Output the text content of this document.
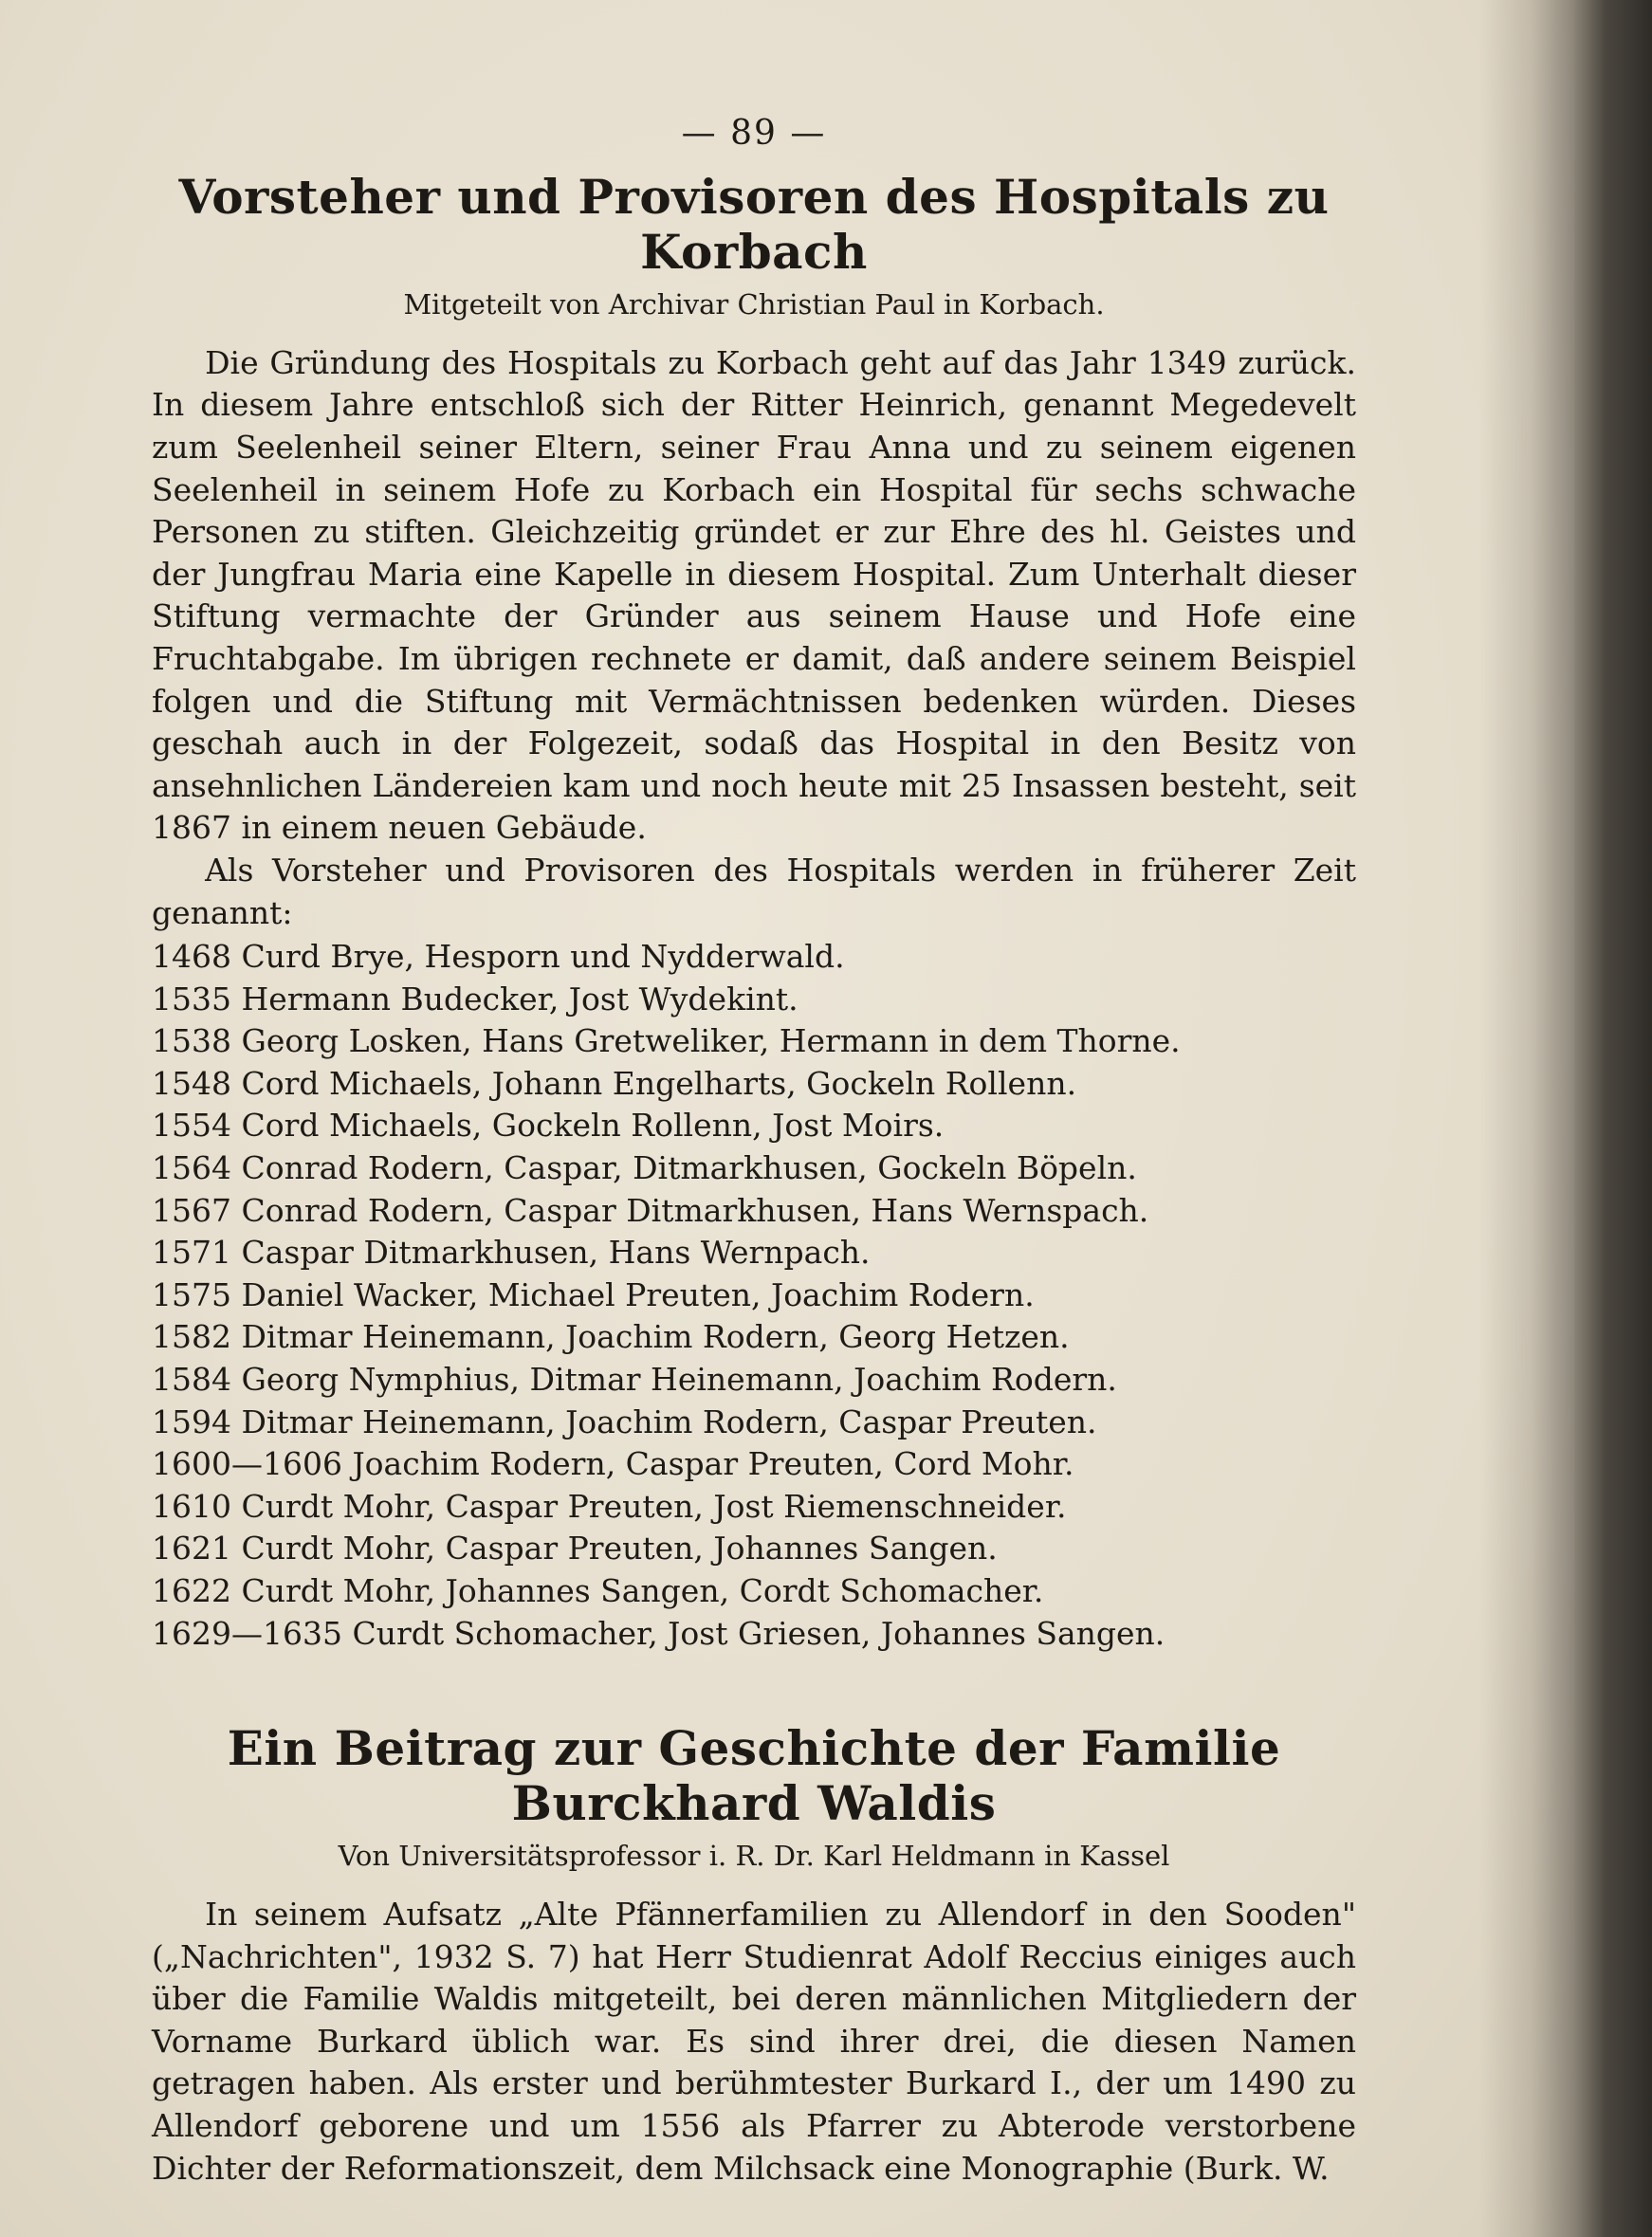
— 89 —
Vorsteher und Provisoren des Hospitals zu Korbach
Mitgeteilt von Archivar Christian Paul in Korbach.

Die Gründung des Hospitals zu Korbach geht auf das Jahr 1349 zurück. In diesem Jahre entschloß sich der Ritter Heinrich, genannt Megedevelt zum Seelenheil seiner Eltern, seiner Frau Anna und zu seinem eigenen Seelenheil in seinem Hofe zu Korbach ein Hospital für sechs schwache Personen zu stiften. Gleichzeitig gründet er zur Ehre des hl. Geistes und der Jungfrau Maria eine Kapelle in diesem Hospital. Zum Unterhalt dieser Stiftung vermachte der Gründer aus seinem Hause und Hofe eine Fruchtabgabe. Im übrigen rechnete er damit, daß andere seinem Beispiel folgen und die Stiftung mit Vermächtnissen bedenken würden. Dieses geschah auch in der Folgezeit, sodaß das Hospital in den Besitz von ansehnlichen Ländereien kam und noch heute mit 25 Insassen besteht, seit 1867 in einem neuen Gebäude.

Als Vorsteher und Provisoren des Hospitals werden in früherer Zeit genannt:

1468 Curd Brye, Hesporn und Nydderwald.
1535 Hermann Budecker, Jost Wydekint.
1538 Georg Losken, Hans Gretweliker, Hermann in dem Thorne.
1548 Cord Michaels, Johann Engelharts, Gockeln Rollenn.
1554 Cord Michaels, Gockeln Rollenn, Jost Moirs.
1564 Conrad Rodern, Caspar, Ditmarkhusen, Gockeln Böpeln.
1567 Conrad Rodern, Caspar Ditmarkhusen, Hans Wernspach.
1571 Caspar Ditmarkhusen, Hans Wernpach.
1575 Daniel Wacker, Michael Preuten, Joachim Rodern.
1582 Ditmar Heinemann, Joachim Rodern, Georg Hetzen.
1584 Georg Nymphius, Ditmar Heinemann, Joachim Rodern.
1594 Ditmar Heinemann, Joachim Rodern, Caspar Preuten.
1600—1606 Joachim Rodern, Caspar Preuten, Cord Mohr.
1610 Curdt Mohr, Caspar Preuten, Jost Riemenschneider.
1621 Curdt Mohr, Caspar Preuten, Johannes Sangen.
1622 Curdt Mohr, Johannes Sangen, Cordt Schomacher.
1629—1635 Curdt Schomacher, Jost Griesen, Johannes Sangen.
Ein Beitrag zur Geschichte der Familie Burckhard Waldis
Von Universitätsprofessor i. R. Dr. Karl Heldmann in Kassel

In seinem Aufsatz „Alte Pfännerfamilien zu Allendorf in den Sooden" („Nachrichten", 1932 S. 7) hat Herr Studienrat Adolf Reccius einiges auch über die Familie Waldis mitgeteilt, bei deren männlichen Mitgliedern der Vorname Burkard üblich war. Es sind ihrer drei, die diesen Namen getragen haben. Als erster und berühmtester Burkard I., der um 1490 zu Allendorf geborene und um 1556 als Pfarrer zu Abterode verstorbene Dichter der Reformationszeit, dem Milchsack eine Monographie (Burk. W.
